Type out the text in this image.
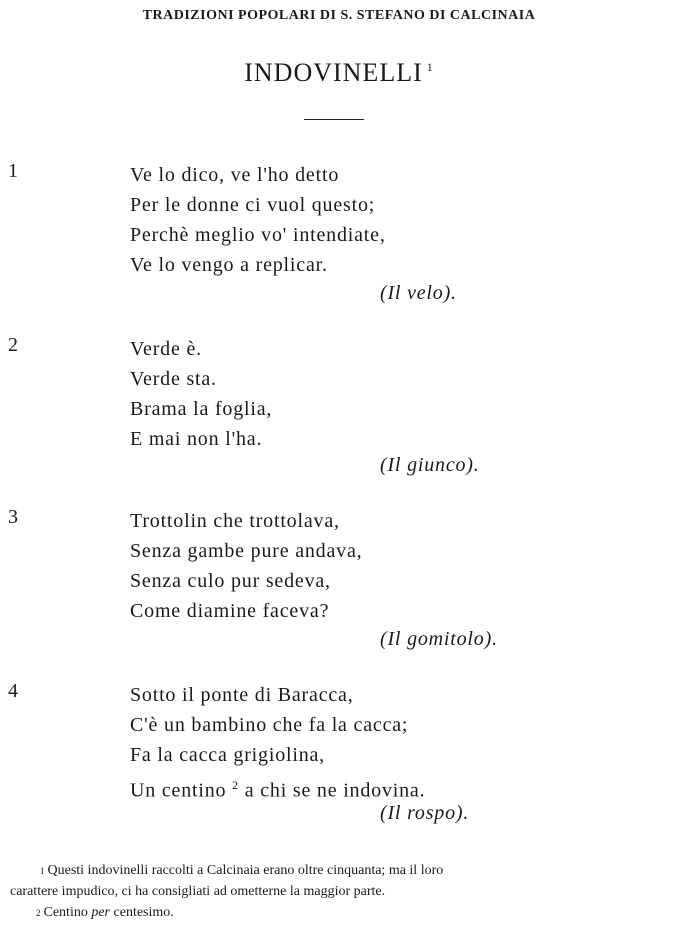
TRADIZIONI POPOLARI DI S. STEFANO DI CALCINAIA
INDOVINELLI $^1$
1	Ve lo dico, ve l'ho detto
Per le donne ci vuol questo;
Perchè meglio vo' intendiate,
Ve lo vengo a replicar.
(Il velo).
2	Verde è.
Verde sta.
Brama la foglia,
E mai non l'ha.
(Il giunco).
3	Trottolin che trottolava,
Senza gambe pure andava,
Senza culo pur sedeva,
Come diamine faceva?
(Il gomitolo).
4	Sotto il ponte di Baracca,
C'è un bambino che fa la cacca;
Fa la cacca grigiolina,
Un centino $^2$ a chi se ne indovina.
(Il rospo).
$^1$ Questi indovinelli raccolti a Calcinaia erano oltre cinquanta; ma il loro
carattere impudico, ci ha consigliati ad ometterne la maggior parte.
$^2$ Centino per centesimo.
